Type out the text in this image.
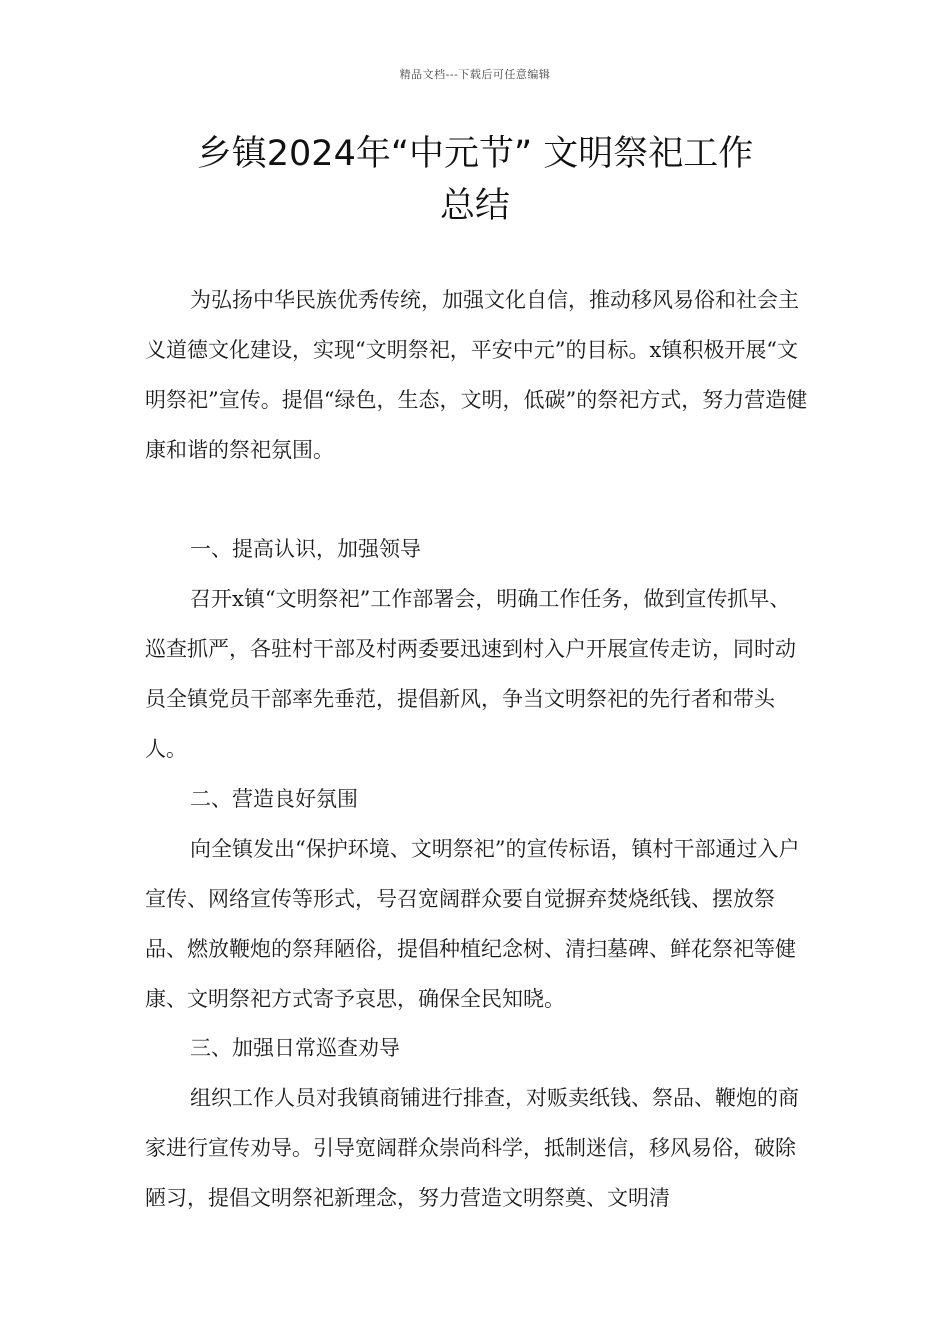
精品文档---下载后可任意编辑
乡镇2024年“中元节” 文明祭祀工作
总结

为弘扬中华民族优秀传统，加强文化自信，推动移风易俗和社会主义道德文化建设，实现“文明祭祀，平安中元”的目标。x镇积极开展“文明祭祀”宣传。提倡“绿色，生态，文明，低碳”的祭祀方式，努力营造健康和谐的祭祀氛围。

一、提高认识，加强领导

召开x镇“文明祭祀”工作部署会，明确工作任务，做到宣传抓早、巡查抓严，各驻村干部及村两委要迅速到村入户开展宣传走访，同时动员全镇党员干部率先垂范，提倡新风，争当文明祭祀的先行者和带头人。

二、营造良好氛围

向全镇发出“保护环境、文明祭祀”的宣传标语，镇村干部通过入户宣传、网络宣传等形式，号召宽阔群众要自觉摒弃焚烧纸钱、摆放祭品、燃放鞭炮的祭拜陋俗，提倡种植纪念树、清扫墓碑、鲜花祭祀等健康、文明祭祀方式寄予哀思，确保全民知晓。

三、加强日常巡查劝导

组织工作人员对我镇商铺进行排查，对贩卖纸钱、祭品、鞭炮的商家进行宣传劝导。引导宽阔群众崇尚科学，抵制迷信，移风易俗，破除陋习，提倡文明祭祀新理念，努力营造文明祭奠、文明清
